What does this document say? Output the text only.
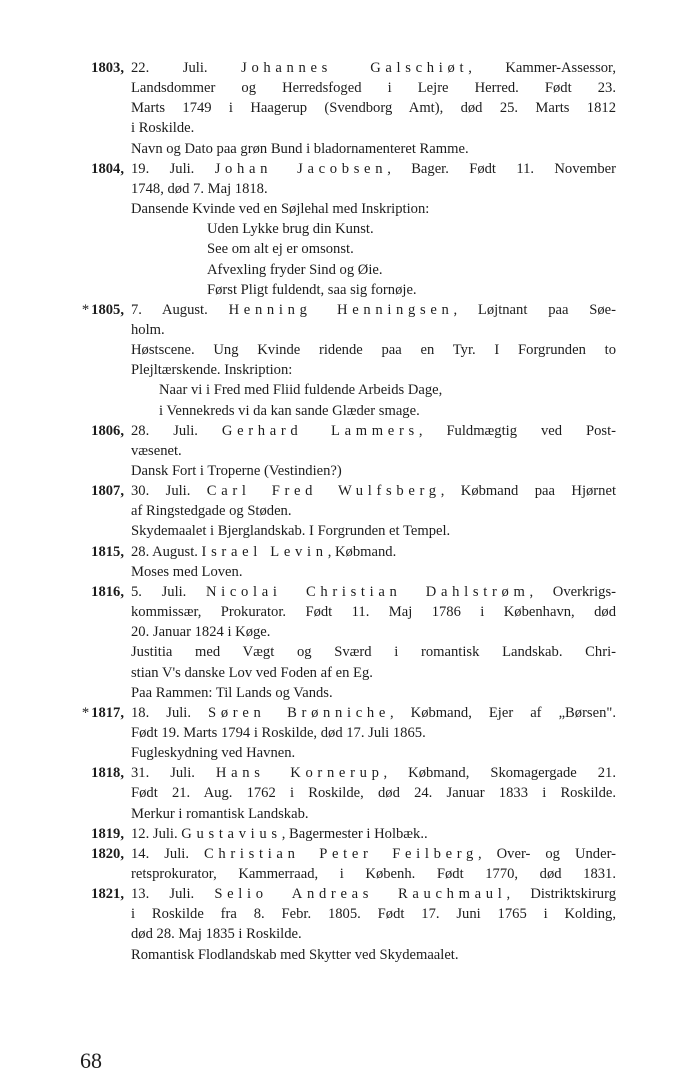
1803, 22. Juli. Johannes Galschiøt, Kammer-Assessor,
Landsdommer og Herredsfoged i Lejre Herred. Født 23.
Marts 1749 i Haagerup (Svendborg Amt), død 25. Marts 1812
i Roskilde.
Navn og Dato paa grøn Bund i bladornamenteret Ramme.
1804, 19. Juli. Johan Jacobsen, Bager. Født 11. November
1748, død 7. Maj 1818.
Dansende Kvinde ved en Søjlehal med Inskription:
Uden Lykke brug din Kunst.
See om alt ej er omsonst.
Afvexling fryder Sind og Øie.
Først Pligt fuldendt, saa sig fornøje.
* 1805, 7. August. Henning Henningsen, Løjtnant paa Søe-
holm.
Høstscene. Ung Kvinde ridende paa en Tyr. I Forgrunden to
Plejltærskende. Inskription:
Naar vi i Fred med Fliid fuldende Arbeids Dage,
i Vennekreds vi da kan sande Glæder smage.
1806, 28. Juli. Gerhard Lammers, Fuldmægtig ved Post-
væsenet.
Dansk Fort i Troperne (Vestindien?)
1807, 30. Juli. Carl Fred Wulfsberg, Købmand paa Hjørnet
af Ringstedgade og Støden.
Skydemaalet i Bjerglandskab. I Forgrunden et Tempel.
1815, 28. August. Israel Levin, Købmand.
Moses med Loven.
1816, 5. Juli. Nicolai Christian Dahlstrøm, Overkrigs-
kommissær, Prokurator. Født 11. Maj 1786 i København, død
20. Januar 1824 i Køge.
Justitia med Vægt og Sværd i romantisk Landskab. Chri-
stian V's danske Lov ved Foden af en Eg.
Paa Rammen: Til Lands og Vands.
* 1817, 18. Juli. Søren Brønniche, Købmand, Ejer af „Børsen".
Født 19. Marts 1794 i Roskilde, død 17. Juli 1865.
Fugleskydning ved Havnen.
1818, 31. Juli. Hans Kornerup, Købmand, Skomagergade 21.
Født 21. Aug. 1762 i Roskilde, død 24. Januar 1833 i Roskilde.
Merkur i romantisk Landskab.
1819, 12. Juli. Gustavius, Bagermester i Holbæk..
1820, 14. Juli. Christian Peter Feilberg, Over- og Under-
retsprokurator, Kammerraad, i Københ. Født 1770, død 1831.
1821, 13. Juli. Selio Andreas Rauchmaul, Distriktskirurg
i Roskilde fra 8. Febr. 1805. Født 17. Juni 1765 i Kolding,
død 28. Maj 1835 i Roskilde.
Romantisk Flodlandskab med Skytter ved Skydemaalet.
68
